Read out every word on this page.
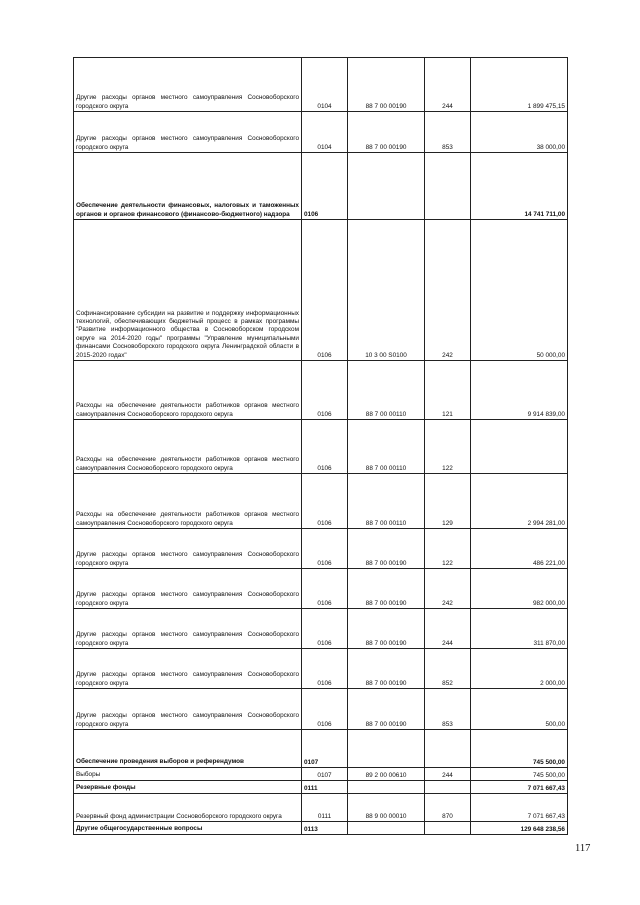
Другие расходы органов местного самоуправления Сосновоборского городского округа	0104	88 7 00 00190	244	1 899 475,15
Другие расходы органов местного самоуправления Сосновоборского городского округа	0104	88 7 00 00190	853	38 000,00
Обеспечение деятельности финансовых, налоговых и таможенных органов и органов финансового (финансово-бюджетного) надзора	0106			14 741 711,00
Софинансирование субсидии на развитие и поддержку информационных технологий, обеспечивающих бюджетный процесс в рамках программы "Развитие информационного общества в Сосновоборском городском округе на 2014-2020 годы" программы "Управление муниципальными финансами Сосновоборского городского округа Ленинградской области в 2015-2020 годах"	0106	10 3 00 S0100	242	50 000,00
Расходы на обеспечение деятельности работников органов местного самоуправления Сосновоборского городского округа	0106	88 7 00 00110	121	9 914 839,00
Расходы на обеспечение деятельности работников органов местного самоуправления Сосновоборского городского округа	0106	88 7 00 00110	122	
Расходы на обеспечение деятельности работников органов местного самоуправления Сосновоборского городского округа	0106	88 7 00 00110	129	2 994 281,00
Другие расходы органов местного самоуправления Сосновоборского городского округа	0106	88 7 00 00190	122	486 221,00
Другие расходы органов местного самоуправления Сосновоборского городского округа	0106	88 7 00 00190	242	982 000,00
Другие расходы органов местного самоуправления Сосновоборского городского округа	0106	88 7 00 00190	244	311 870,00
Другие расходы органов местного самоуправления Сосновоборского городского округа	0106	88 7 00 00190	852	2 000,00
Другие расходы органов местного самоуправления Сосновоборского городского округа	0106	88 7 00 00190	853	500,00
Обеспечение проведения выборов и референдумов	0107			745 500,00
Выборы	0107	89 2 00 00610	244	745 500,00
Резервные фонды	0111			7 071 667,43
Резервный фонд администрации Сосновоборского городского округа	0111	88 9 00 00010	870	7 071 667,43
Другие общегосударственные вопросы	0113			129 648 238,56
117
